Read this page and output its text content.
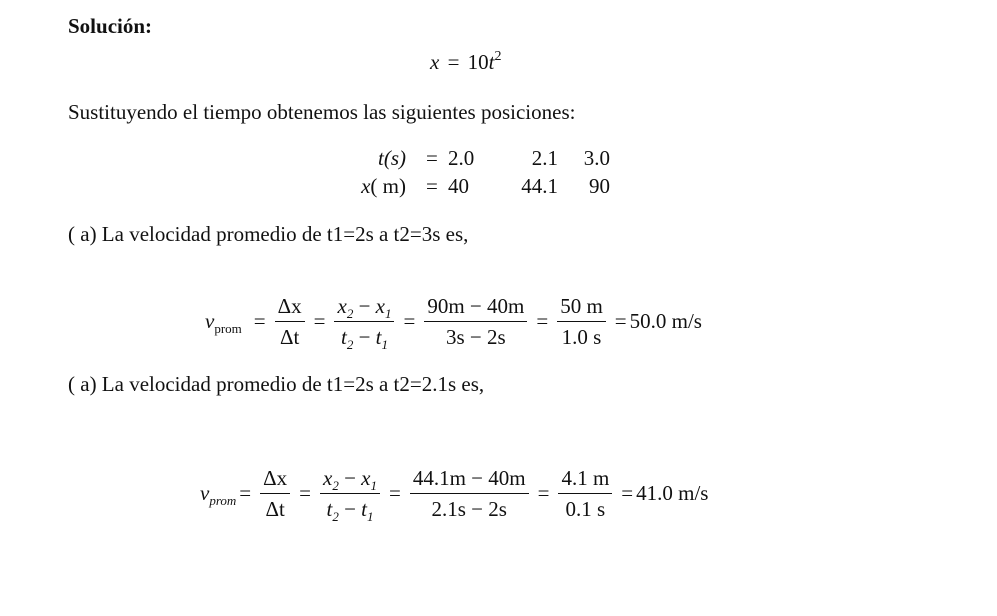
Solución:
$x = 10t^2$
Sustituyendo el tiempo obtenemos las siguientes posiciones:
t(s) = 2.0	2.1	3.0
x( m) = 40	44.1	90
( a) La velocidad promedio de t1=2s a t2=3s es,
$v_{prom} = \frac{\Delta x}{\Delta t} = \frac{x_2 - x_1}{t_2 - t_1} = \frac{90m - 40m}{3s - 2s} = \frac{50 m}{1.0 s} = 50.0$ m/s
( a) La velocidad promedio de t1=2s a t2=2.1s es,
$v_{prom} = \frac{\Delta x}{\Delta t} = \frac{x_2 - x_1}{t_2 - t_1} = \frac{44.1m - 40m}{2.1s - 2s} = \frac{4.1 m}{0.1 s} = 41.0$ m/s
